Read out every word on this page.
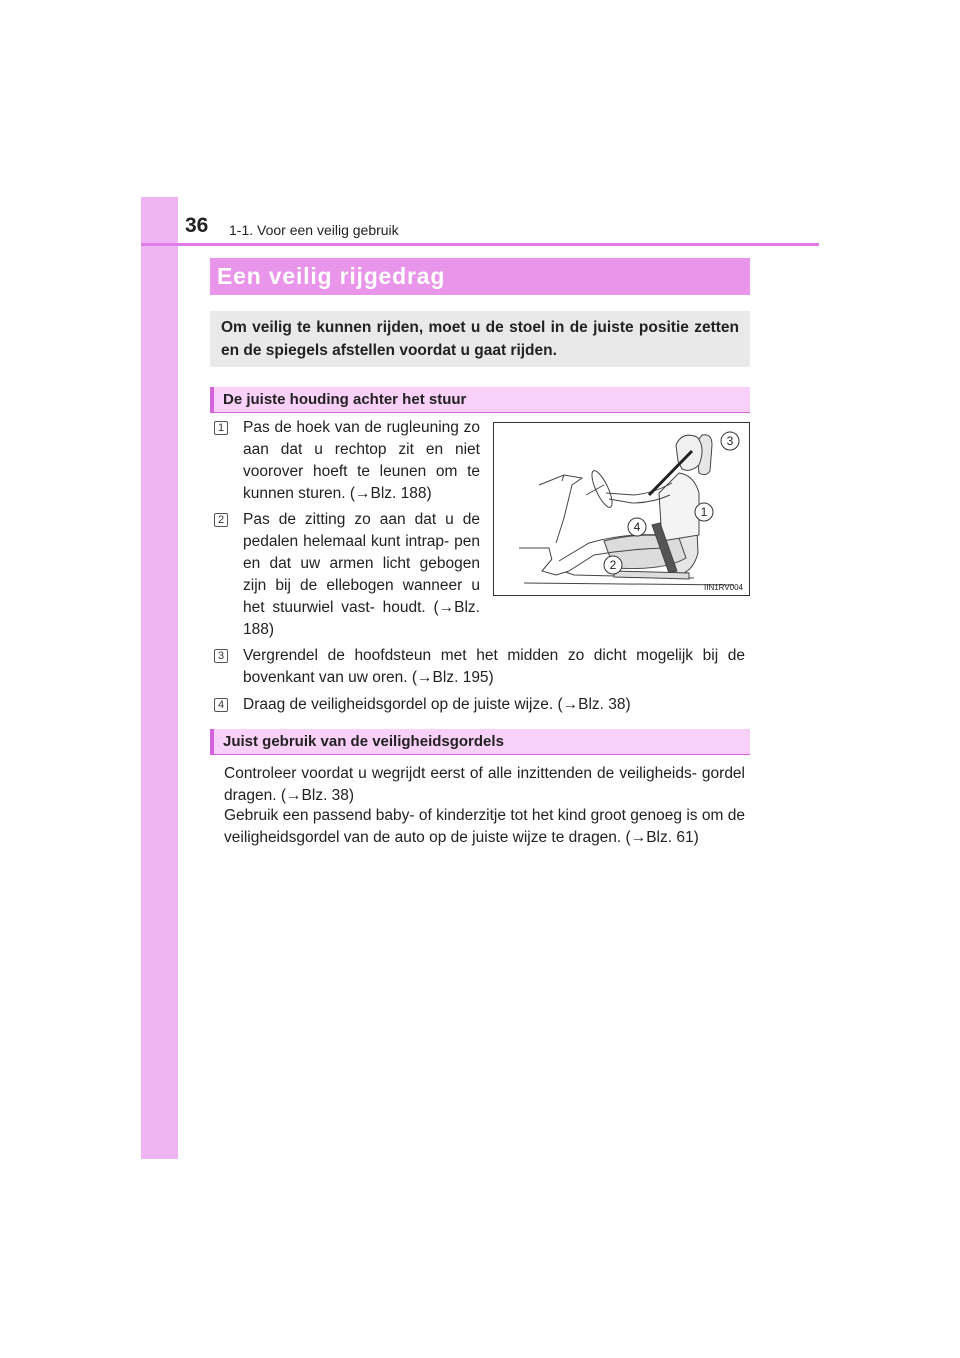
36 1-1. Voor een veilig gebruik
Een veilig rijgedrag
Om veilig te kunnen rijden, moet u de stoel in de juiste positie zetten en de spiegels afstellen voordat u gaat rijden.
De juiste houding achter het stuur
1 Pas de hoek van de rugleuning zo aan dat u rechtop zit en niet voorover hoeft te leunen om te kunnen sturen. (→Blz. 188)
2 Pas de zitting zo aan dat u de pedalen helemaal kunt intrap- pen en dat uw armen licht gebogen zijn bij de ellebogen wanneer u het stuurwiel vast- houdt. (→Blz. 188)
3 Vergrendel de hoofdsteun met het midden zo dicht mogelijk bij de bovenkant van uw oren. (→Blz. 195)
4 Draag de veiligheidsgordel op de juiste wijze. (→Blz. 38)
3
1
2
4
IIN1RV004
Juist gebruik van de veiligheidsgordels
Controleer voordat u wegrijdt eerst of alle inzittenden de veiligheids- gordel dragen. (→Blz. 38)
Gebruik een passend baby- of kinderzitje tot het kind groot genoeg is om de veiligheidsgordel van de auto op de juiste wijze te dragen. (→Blz. 61)
